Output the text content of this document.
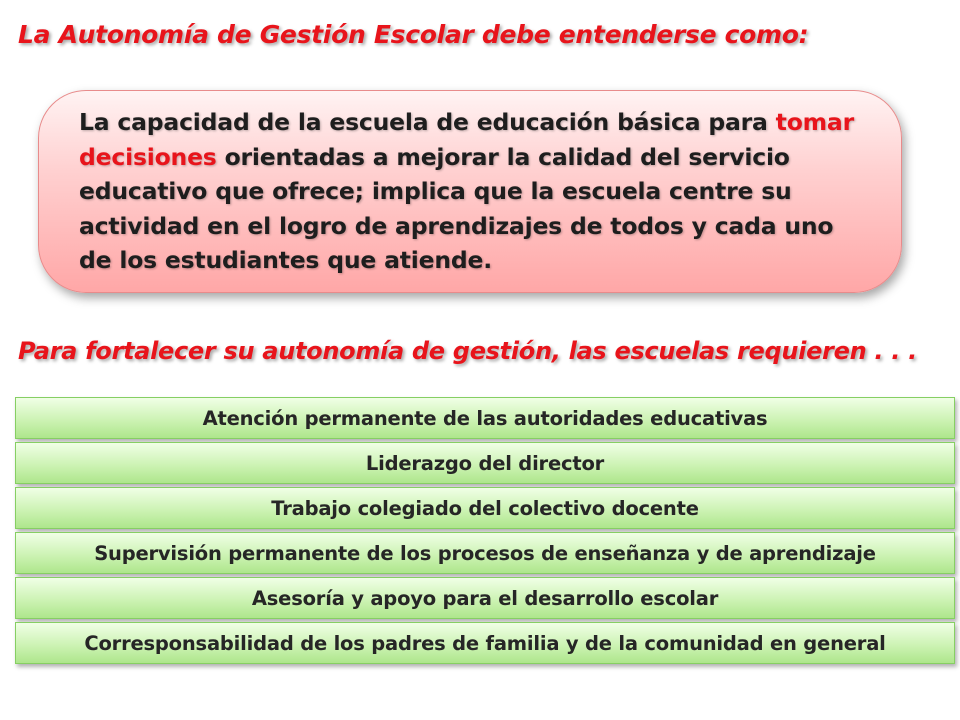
La Autonomía de Gestión Escolar debe entenderse como:
La capacidad de la escuela de educación básica para tomar decisiones orientadas a mejorar la calidad del servicio educativo que ofrece; implica que la escuela centre su actividad en el logro de aprendizajes de todos y cada uno de los estudiantes que atiende.
Para fortalecer su autonomía de gestión, las escuelas requieren . . .
Atención permanente de las autoridades educativas
Liderazgo del director
Trabajo colegiado del colectivo docente
Supervisión permanente de los procesos de enseñanza y de aprendizaje
Asesoría y apoyo para el desarrollo escolar
Corresponsabilidad de los padres de familia y de la comunidad en general
